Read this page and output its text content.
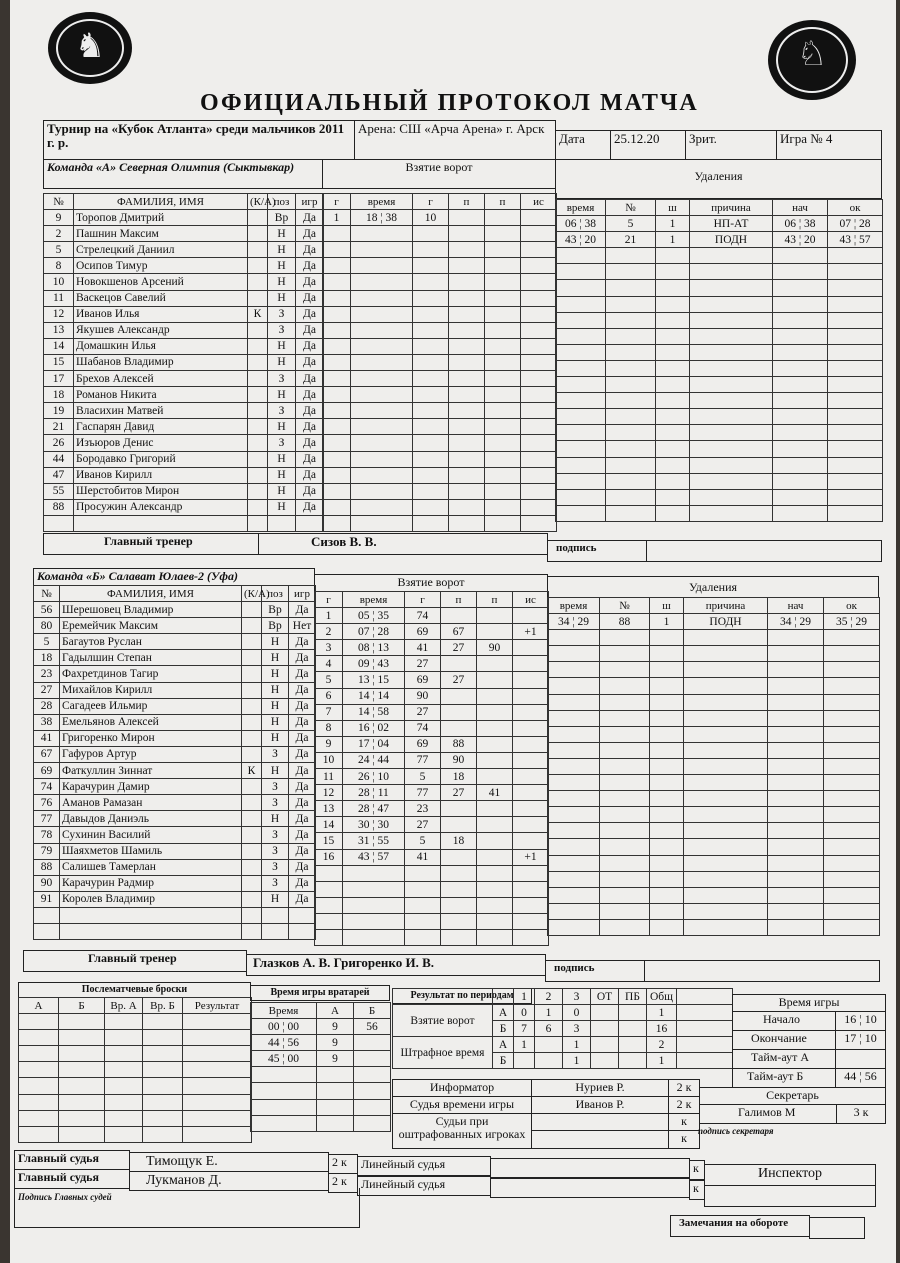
♞	♘
ОФИЦИАЛЬНЫЙ ПРОТОКОЛ МАТЧА
Турнир на «Кубок Атланта» среди мальчиков 2011 г. р.
Арена: СШ «Арча Арена» г. Арск
Дата	25.12.20	Зрит.	Игра № 4
Команда «А» Северная Олимпия (Сыктывкар)	Взятие ворот
Удаления
№	ФАМИЛИЯ, ИМЯ	(К/А)	поз	игр
9	Торопов Дмитрий		Вр	Да
2	Пашнин Максим		Н	Да
5	Стрелецкий Даниил		Н	Да
8	Осипов Тимур		Н	Да
10	Новокшенов Арсений		Н	Да
11	Васкецов Савелий		Н	Да
12	Иванов Илья	К	З	Да
13	Якушев Александр		З	Да
14	Домашкин Илья		Н	Да
15	Шабанов Владимир		Н	Да
17	Брехов Алексей		З	Да
18	Романов Никита		Н	Да
19	Власихин Матвей		З	Да
21	Гаспарян Давид		Н	Да
26	Изъюров Денис		З	Да
44	Бородавко Григорий		Н	Да
47	Иванов Кирилл		Н	Да
55	Шерстобитов Мирон		Н	Да
88	Просужин Александр		Н	Да

г	время	г	п	п	ис
1	18 ¦ 38	10			

время	№	ш	причина	нач	ок
06 ¦ 38	5	1	НП-АТ	06 ¦ 38	07 ¦ 28
43 ¦ 20	21	1	ПОДН	43 ¦ 20	43 ¦ 57

Главный тренер	Сизов В. В.	подпись
Команда «Б» Салават Юлаев-2 (Уфа)	Взятие ворот	Удаления
№	ФАМИЛИЯ, ИМЯ	(К/А)	поз	игр
56	Шерешовец Владимир		Вр	Да
80	Еремейчик Максим		Вр	Нет
5	Багаутов Руслан		Н	Да
18	Гадылшин Степан		Н	Да
23	Фахретдинов Тагир		Н	Да
27	Михайлов Кирилл		Н	Да
28	Сагадеев Ильмир		Н	Да
38	Емельянов Алексей		Н	Да
41	Григоренко Мирон		Н	Да
67	Гафуров Артур		З	Да
69	Фаткуллин Зиннат	К	Н	Да
74	Карачурин Дамир		З	Да
76	Аманов Рамазан		З	Да
77	Давыдов Даниэль		Н	Да
78	Сухинин Василий		З	Да
79	Шаяхметов Шамиль		З	Да
88	Салишев Тамерлан		З	Да
90	Карачурин Радмир		З	Да
91	Королев Владимир		Н	Да

г	время	г	п	п	ис
1	05 ¦ 35	74			
2	07 ¦ 28	69	67		+1
3	08 ¦ 13	41	27	90	
4	09 ¦ 43	27			
5	13 ¦ 15	69	27		
6	14 ¦ 14	90			
7	14 ¦ 58	27			
8	16 ¦ 02	74			
9	17 ¦ 04	69	88		
10	24 ¦ 44	77	90		
11	26 ¦ 10	5	18		
12	28 ¦ 11	77	27	41	
13	28 ¦ 47	23			
14	30 ¦ 30	27			
15	31 ¦ 55	5	18		
16	43 ¦ 57	41			+1

время	№	ш	причина	нач	ок
34 ¦ 29	88	1	ПОДН	34 ¦ 29	35 ¦ 29

Главный тренер	Глазков А. В. Григоренко И. В.	подпись
Послематчевые броски
А	Б	Вр. А	Вр. Б	Результат

Время игры вратарей
Время	А	Б
00 ¦ 00	9	56
44 ¦ 56	9	
45 ¦ 00	9	

Результат по периодам
		1	2	3	ОТ	ПБ	Общ	
Взятие ворот	А	0	1	0			1	
	Б	7	6	3			16	
Штрафное время	А	1		1			2	
	Б			1			1	
Время игры
Начало	16 ¦ 10
Окончание	17 ¦ 10
Тайм-аут А
Тайм-аут Б	44 ¦ 56
Информатор	Нуриев Р.	2 к
Судья времени игры	Иванов Р.	2 к
Судьи при оштрафованных игроках
к
к
Секретарь
Галимов М	3 к
подпись секретаря
Главный судья	Тимощук Е.	2 к
Главный судья	Лукманов Д.	2 к
Подпись Главных судей
Линейный судья	к
Линейный судья	к
Инспектор
Замечания на обороте
